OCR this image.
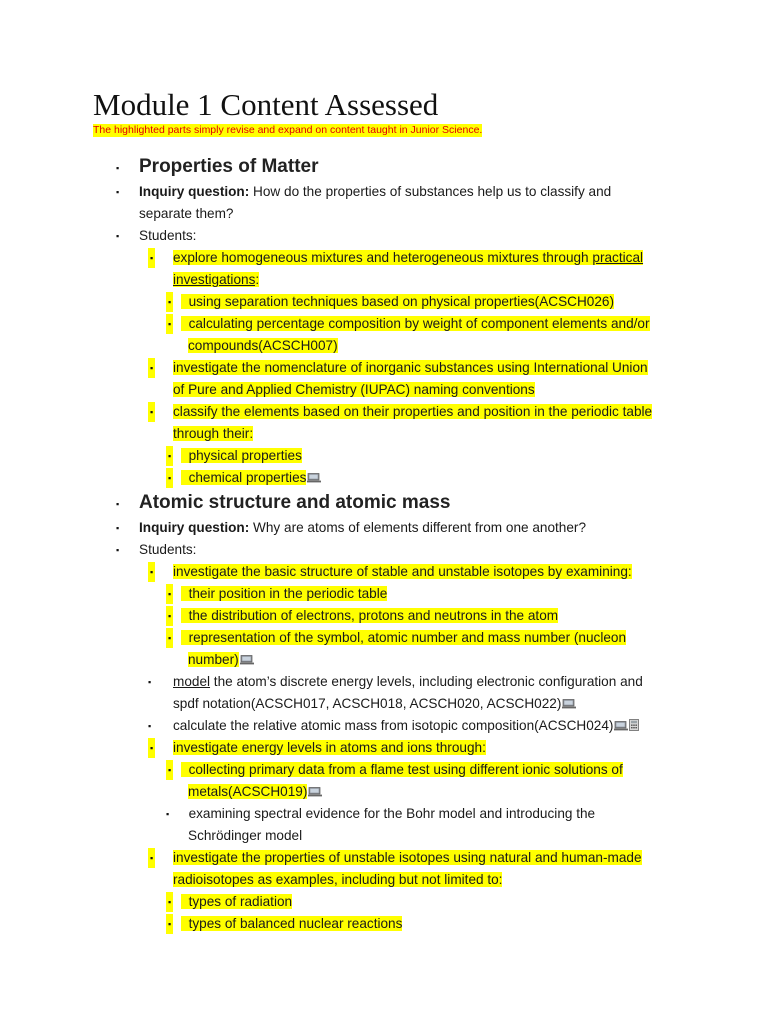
Module 1 Content Assessed
The highlighted parts simply revise and expand on content taught in Junior Science.
▪ Properties of Matter
▪ Inquiry question: How do the properties of substances help us to classify and
separate them?
▪ Students:
▪ explore homogeneous mixtures and heterogeneous mixtures through practical
investigations:
▪	using separation techniques based on physical properties(ACSCH026)
▪	calculating percentage composition by weight of component elements and/or
compounds(ACSCH007)
▪ investigate the nomenclature of inorganic substances using International Union
of Pure and Applied Chemistry (IUPAC) naming conventions
▪ classify the elements based on their properties and position in the periodic table
through their:
▪	physical properties
▪	chemical properties
▪ Atomic structure and atomic mass
▪ Inquiry question: Why are atoms of elements different from one another?
▪ Students:
▪ investigate the basic structure of stable and unstable isotopes by examining:
▪	their position in the periodic table
▪	the distribution of electrons, protons and neutrons in the atom
▪	representation of the symbol, atomic number and mass number (nucleon
number)
▪ model the atom’s discrete energy levels, including electronic configuration and
spdf notation(ACSCH017, ACSCH018, ACSCH020, ACSCH022)
▪ calculate the relative atomic mass from isotopic composition(ACSCH024)
▪ investigate energy levels in atoms and ions through:
▪	collecting primary data from a flame test using different ionic solutions of
metals(ACSCH019)
▪	examining spectral evidence for the Bohr model and introducing the
Schrödinger model
▪ investigate the properties of unstable isotopes using natural and human-made
radioisotopes as examples, including but not limited to:
▪	types of radiation
▪	types of balanced nuclear reactions
